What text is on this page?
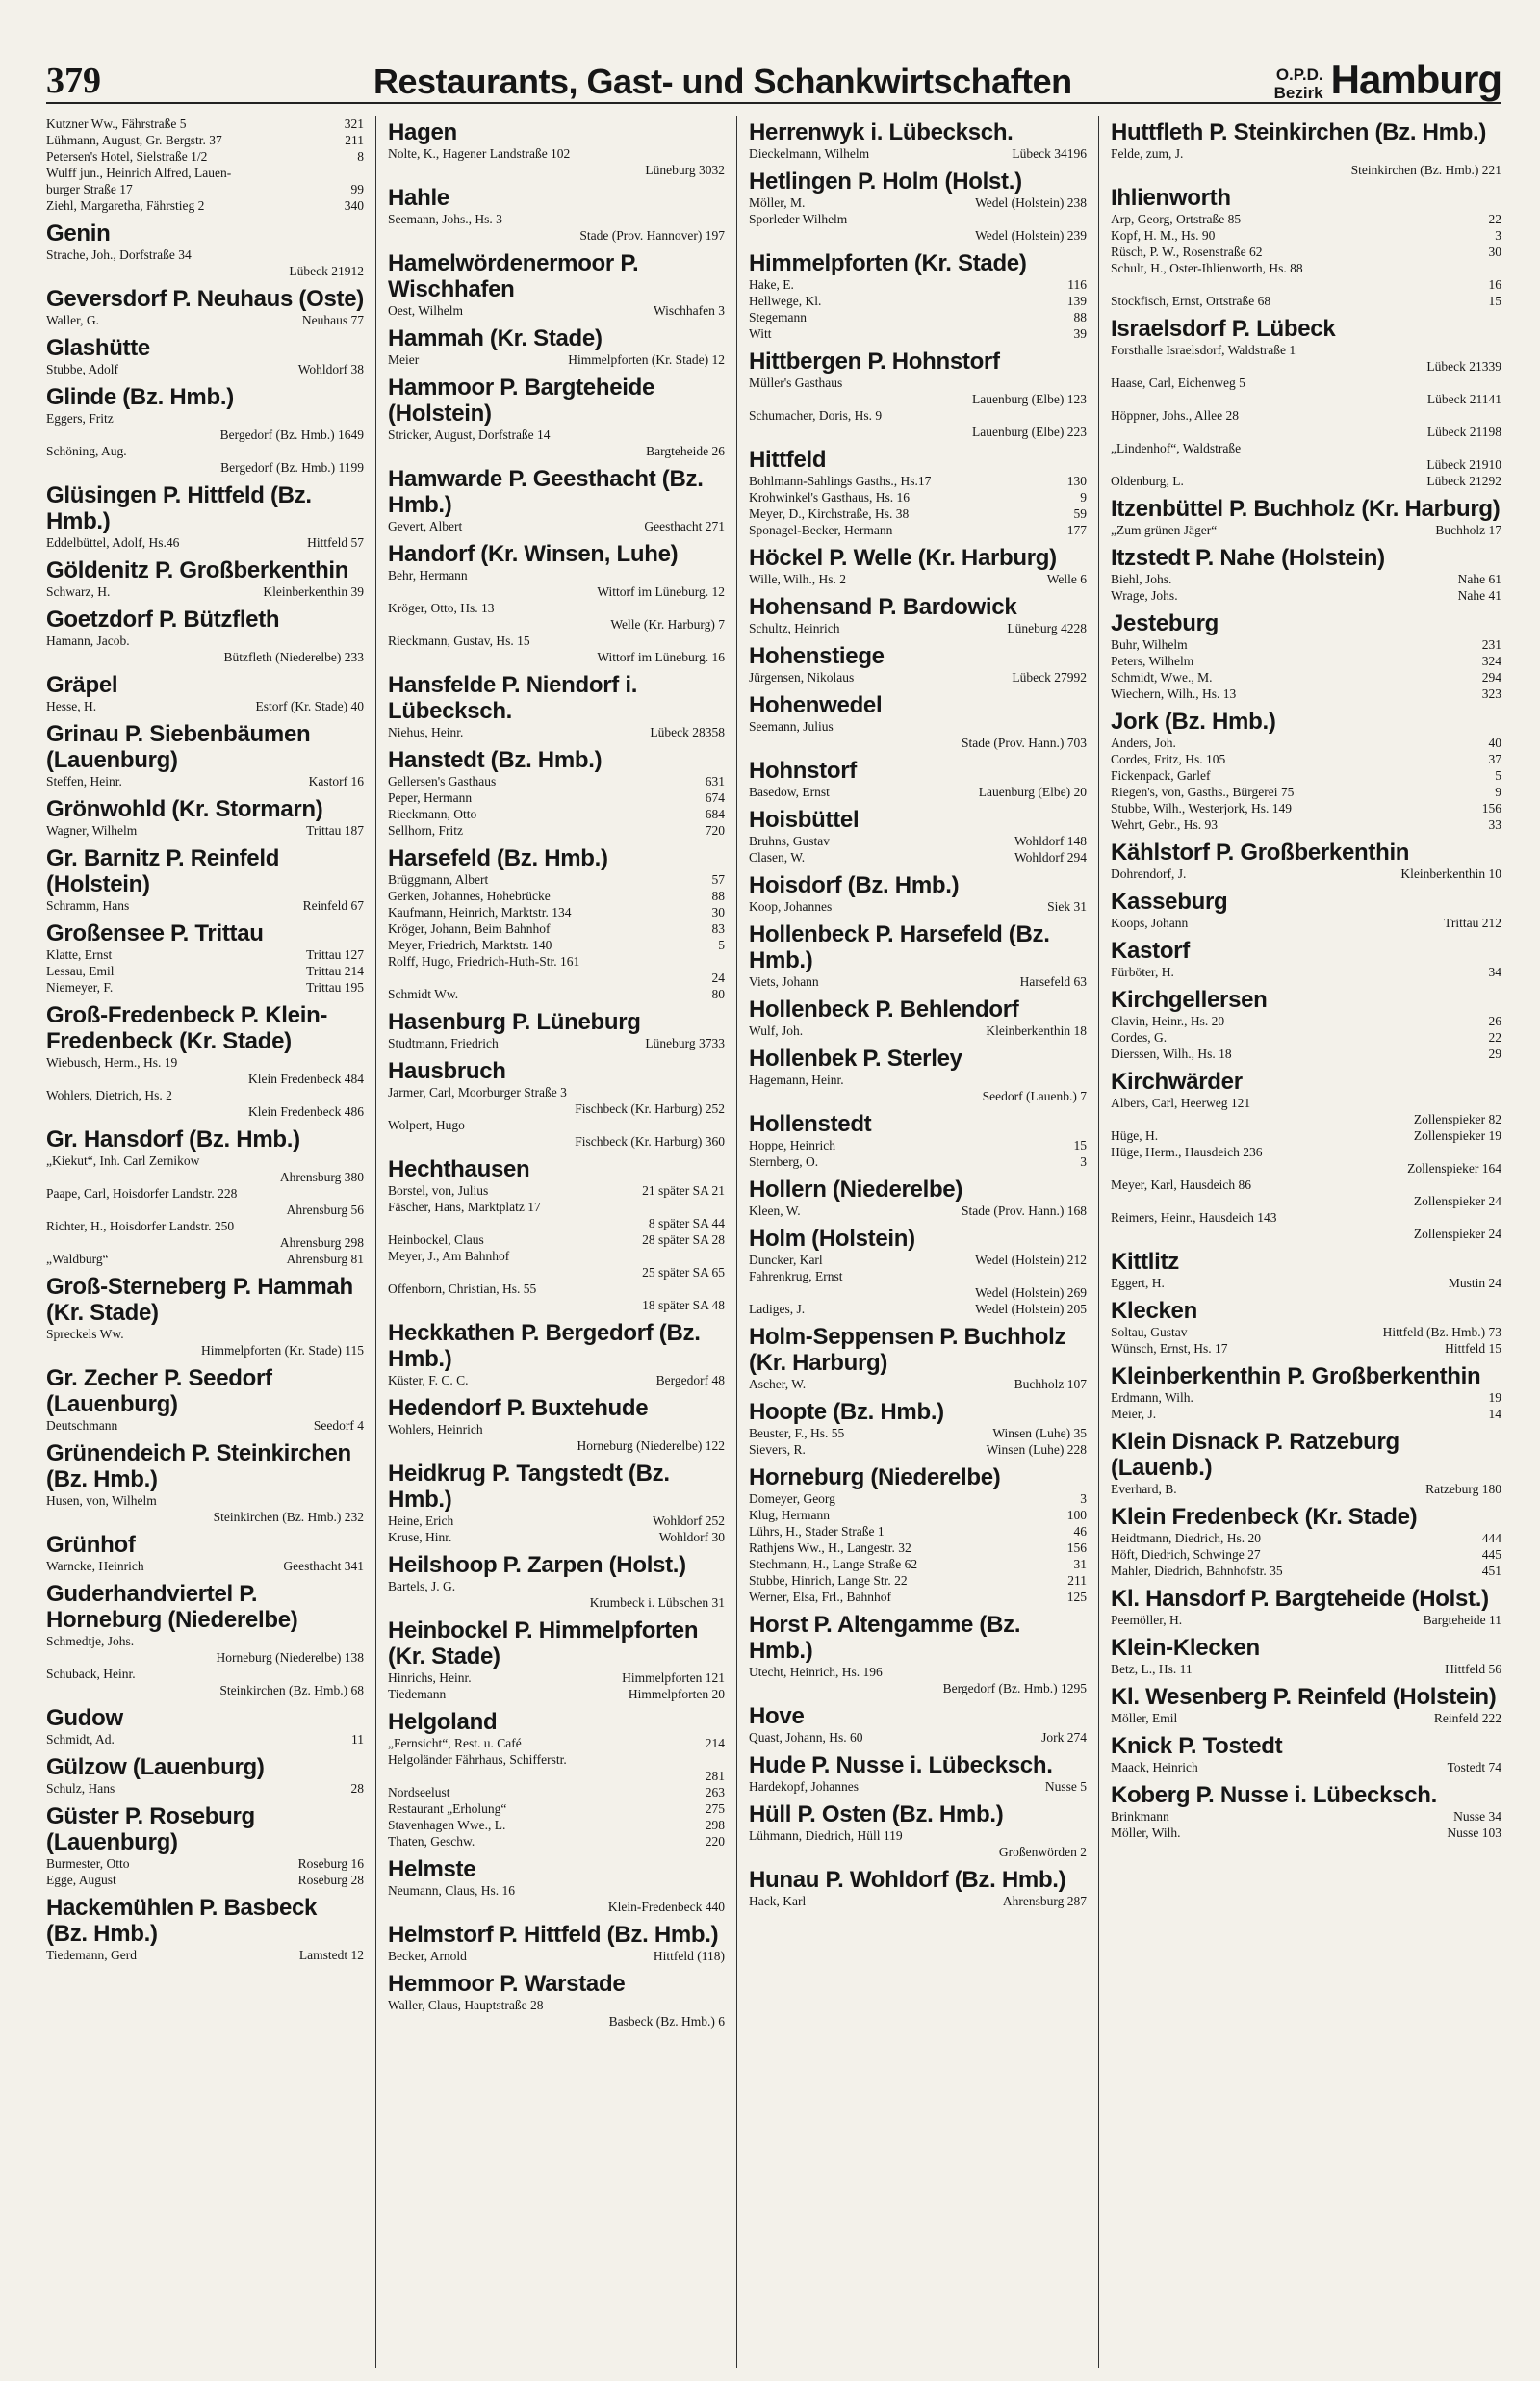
379	Restaurants, Gast- und Schankwirtschaften	O.P.D.
Bezirk Hamburg
Kutzner Ww., Fährstraße 5	321
Lühmann, August, Gr. Bergstr. 37	211
Petersen's Hotel, Sielstraße 1/2	8
Wulff jun., Heinrich Alfred, Lauen-
burger Straße 17	99
Ziehl, Margaretha, Fährstieg 2	340
Genin
Strache, Joh., Dorfstraße 34
Lübeck 21912
Geversdorf P. Neuhaus (Oste)
Waller, G.	Neuhaus 77
Glashütte
Stubbe, Adolf	Wohldorf 38
Glinde (Bz. Hmb.)
Eggers, Fritz
Bergedorf (Bz. Hmb.) 1649
Schöning, Aug.
Bergedorf (Bz. Hmb.) 1199
Glüsingen P. Hittfeld (Bz. Hmb.)
Eddelbüttel, Adolf, Hs.46	Hittfeld 57
Göldenitz P. Großberkenthin
Schwarz, H.	Kleinberkenthin 39
Goetzdorf P. Bützfleth
Hamann, Jacob.
Bützfleth (Niederelbe) 233
Gräpel
Hesse, H.	Estorf (Kr. Stade) 40
Grinau P. Siebenbäumen (Lauenburg)
Steffen, Heinr.	Kastorf 16
Grönwohld (Kr. Stormarn)
Wagner, Wilhelm	Trittau 187
Gr. Barnitz P. Reinfeld (Holstein)
Schramm, Hans	Reinfeld 67
Großensee P. Trittau
Klatte, Ernst	Trittau 127
Lessau, Emil	Trittau 214
Niemeyer, F.	Trittau 195
Groß-Fredenbeck P. Klein-Fredenbeck (Kr. Stade)
Wiebusch, Herm., Hs. 19
Klein Fredenbeck 484
Wohlers, Dietrich, Hs. 2
Klein Fredenbeck 486
Gr. Hansdorf (Bz. Hmb.)
„Kiekut“, Inh. Carl Zernikow
Ahrensburg 380
Paape, Carl, Hoisdorfer Landstr. 228
Ahrensburg 56
Richter, H., Hoisdorfer Landstr. 250
Ahrensburg 298
„Waldburg“	Ahrensburg 81
Groß-Sterneberg P. Hammah (Kr. Stade)
Spreckels Ww.
Himmelpforten (Kr. Stade) 115
Gr. Zecher P. Seedorf (Lauenburg)
Deutschmann	Seedorf 4
Grünendeich P. Steinkirchen (Bz. Hmb.)
Husen, von, Wilhelm
Steinkirchen (Bz. Hmb.) 232
Grünhof
Warncke, Heinrich	Geesthacht 341
Guderhandviertel P. Horneburg (Niederelbe)
Schmedtje, Johs.
Horneburg (Niederelbe) 138
Schuback, Heinr.
Steinkirchen (Bz. Hmb.) 68
Gudow
Schmidt, Ad.	11
Gülzow (Lauenburg)
Schulz, Hans	28
Güster P. Roseburg (Lauenburg)
Burmester, Otto	Roseburg 16
Egge, August	Roseburg 28
Hackemühlen P. Basbeck (Bz. Hmb.)
Tiedemann, Gerd	Lamstedt 12
Hagen
Nolte, K., Hagener Landstraße 102
Lüneburg 3032
Hahle
Seemann, Johs., Hs. 3
Stade (Prov. Hannover) 197
Hamelwördenermoor P. Wischhafen
Oest, Wilhelm	Wischhafen 3
Hammah (Kr. Stade)
Meier	Himmelpforten (Kr. Stade) 12
Hammoor P. Bargteheide (Holstein)
Stricker, August, Dorfstraße 14
Bargteheide 26
Hamwarde P. Geesthacht (Bz. Hmb.)
Gevert, Albert	Geesthacht 271
Handorf (Kr. Winsen, Luhe)
Behr, Hermann
Wittorf im Lüneburg. 12
Kröger, Otto, Hs. 13
Welle (Kr. Harburg) 7
Rieckmann, Gustav, Hs. 15
Wittorf im Lüneburg. 16
Hansfelde P. Niendorf i. Lübecksch.
Niehus, Heinr.	Lübeck 28358
Hanstedt (Bz. Hmb.)
Gellersen's Gasthaus	631
Peper, Hermann	674
Rieckmann, Otto	684
Sellhorn, Fritz	720
Harsefeld (Bz. Hmb.)
Brüggmann, Albert	57
Gerken, Johannes, Hohebrücke	88
Kaufmann, Heinrich, Marktstr. 134	30
Kröger, Johann, Beim Bahnhof	83
Meyer, Friedrich, Marktstr. 140	5
Rolff, Hugo, Friedrich-Huth-Str. 161
24
Schmidt Ww.	80
Hasenburg P. Lüneburg
Studtmann, Friedrich	Lüneburg 3733
Hausbruch
Jarmer, Carl, Moorburger Straße 3
Fischbeck (Kr. Harburg) 252
Wolpert, Hugo
Fischbeck (Kr. Harburg) 360
Hechthausen
Borstel, von, Julius	21 später SA 21
Fäscher, Hans, Marktplatz 17
8 später SA 44
Heinbockel, Claus	28 später SA 28
Meyer, J., Am Bahnhof
25 später SA 65
Offenborn, Christian, Hs. 55
18 später SA 48
Heckkathen P. Bergedorf (Bz. Hmb.)
Küster, F. C. C.	Bergedorf 48
Hedendorf P. Buxtehude
Wohlers, Heinrich
Horneburg (Niederelbe) 122
Heidkrug P. Tangstedt (Bz. Hmb.)
Heine, Erich	Wohldorf 252
Kruse, Hinr.	Wohldorf 30
Heilshoop P. Zarpen (Holst.)
Bartels, J. G.
Krumbeck i. Lübschen 31
Heinbockel P. Himmelpforten (Kr. Stade)
Hinrichs, Heinr.	Himmelpforten 121
Tiedemann	Himmelpforten 20
Helgoland
„Fernsicht“, Rest. u. Café	214
Helgoländer Fährhaus, Schifferstr.
281
Nordseelust	263
Restaurant „Erholung“	275
Stavenhagen Wwe., L.	298
Thaten, Geschw.	220
Helmste
Neumann, Claus, Hs. 16
Klein-Fredenbeck 440
Helmstorf P. Hittfeld (Bz. Hmb.)
Becker, Arnold	Hittfeld (118)
Hemmoor P. Warstade
Waller, Claus, Hauptstraße 28
Basbeck (Bz. Hmb.) 6
Herrenwyk i. Lübecksch.
Dieckelmann, Wilhelm	Lübeck 34196
Hetlingen P. Holm (Holst.)
Möller, M.	Wedel (Holstein) 238
Sporleder Wilhelm
Wedel (Holstein) 239
Himmelpforten (Kr. Stade)
Hake, E.	116
Hellwege, Kl.	139
Stegemann	88
Witt	39
Hittbergen P. Hohnstorf
Müller's Gasthaus
Lauenburg (Elbe) 123
Schumacher, Doris, Hs. 9
Lauenburg (Elbe) 223
Hittfeld
Bohlmann-Sahlings Gasths., Hs.17	130
Krohwinkel's Gasthaus, Hs. 16	9
Meyer, D., Kirchstraße, Hs. 38	59
Sponagel-Becker, Hermann	177
Höckel P. Welle (Kr. Harburg)
Wille, Wilh., Hs. 2	Welle 6
Hohensand P. Bardowick
Schultz, Heinrich	Lüneburg 4228
Hohenstiege
Jürgensen, Nikolaus	Lübeck 27992
Hohenwedel
Seemann, Julius
Stade (Prov. Hann.) 703
Hohnstorf
Basedow, Ernst	Lauenburg (Elbe) 20
Hoisbüttel
Bruhns, Gustav	Wohldorf 148
Clasen, W.	Wohldorf 294
Hoisdorf (Bz. Hmb.)
Koop, Johannes	Siek 31
Hollenbeck P. Harsefeld (Bz. Hmb.)
Viets, Johann	Harsefeld 63
Hollenbeck P. Behlendorf
Wulf, Joh.	Kleinberkenthin 18
Hollenbek P. Sterley
Hagemann, Heinr.
Seedorf (Lauenb.) 7
Hollenstedt
Hoppe, Heinrich	15
Sternberg, O.	3
Hollern (Niederelbe)
Kleen, W.	Stade (Prov. Hann.) 168
Holm (Holstein)
Duncker, Karl	Wedel (Holstein) 212
Fahrenkrug, Ernst
Wedel (Holstein) 269
Ladiges, J.	Wedel (Holstein) 205
Holm-Seppensen P. Buchholz (Kr. Harburg)
Ascher, W.	Buchholz 107
Hoopte (Bz. Hmb.)
Beuster, F., Hs. 55	Winsen (Luhe) 35
Sievers, R.	Winsen (Luhe) 228
Horneburg (Niederelbe)
Domeyer, Georg	3
Klug, Hermann	100
Lührs, H., Stader Straße 1	46
Rathjens Ww., H., Langestr. 32	156
Stechmann, H., Lange Straße 62	31
Stubbe, Hinrich, Lange Str. 22	211
Werner, Elsa, Frl., Bahnhof	125
Horst P. Altengamme (Bz. Hmb.)
Utecht, Heinrich, Hs. 196
Bergedorf (Bz. Hmb.) 1295
Hove
Quast, Johann, Hs. 60	Jork 274
Hude P. Nusse i. Lübecksch.
Hardekopf, Johannes	Nusse 5
Hüll P. Osten (Bz. Hmb.)
Lühmann, Diedrich, Hüll 119
Großenwörden 2
Hunau P. Wohldorf (Bz. Hmb.)
Hack, Karl	Ahrensburg 287
Huttfleth P. Steinkirchen (Bz. Hmb.)
Felde, zum, J.
Steinkirchen (Bz. Hmb.) 221
Ihlienworth
Arp, Georg, Ortstraße 85	22
Kopf, H. M., Hs. 90	3
Rüsch, P. W., Rosenstraße 62	30
Schult, H., Oster-Ihlienworth, Hs. 88
16
Stockfisch, Ernst, Ortstraße 68	15
Israelsdorf P. Lübeck
Forsthalle Israelsdorf, Waldstraße 1
Lübeck 21339
Haase, Carl, Eichenweg 5
Lübeck 21141
Höppner, Johs., Allee 28
Lübeck 21198
„Lindenhof“, Waldstraße
Lübeck 21910
Oldenburg, L.	Lübeck 21292
Itzenbüttel P. Buchholz (Kr. Harburg)
„Zum grünen Jäger“	Buchholz 17
Itzstedt P. Nahe (Holstein)
Biehl, Johs.	Nahe 61
Wrage, Johs.	Nahe 41
Jesteburg
Buhr, Wilhelm	231
Peters, Wilhelm	324
Schmidt, Wwe., M.	294
Wiechern, Wilh., Hs. 13	323
Jork (Bz. Hmb.)
Anders, Joh.	40
Cordes, Fritz, Hs. 105	37
Fickenpack, Garlef	5
Riegen's, von, Gasths., Bürgerei 75	9
Stubbe, Wilh., Westerjork, Hs. 149	156
Wehrt, Gebr., Hs. 93	33
Kählstorf P. Großberkenthin
Dohrendorf, J.	Kleinberkenthin 10
Kasseburg
Koops, Johann	Trittau 212
Kastorf
Fürböter, H.	34
Kirchgellersen
Clavin, Heinr., Hs. 20	26
Cordes, G.	22
Dierssen, Wilh., Hs. 18	29
Kirchwärder
Albers, Carl, Heerweg 121
Zollenspieker 82
Hüge, H.	Zollenspieker 19
Hüge, Herm., Hausdeich 236
Zollenspieker 164
Meyer, Karl, Hausdeich 86
Zollenspieker 24
Reimers, Heinr., Hausdeich 143
Zollenspieker 24
Kittlitz
Eggert, H.	Mustin 24
Klecken
Soltau, Gustav	Hittfeld (Bz. Hmb.) 73
Wünsch, Ernst, Hs. 17	Hittfeld 15
Kleinberkenthin P. Großberkenthin
Erdmann, Wilh.	19
Meier, J.	14
Klein Disnack P. Ratzeburg (Lauenb.)
Everhard, B.	Ratzeburg 180
Klein Fredenbeck (Kr. Stade)
Heidtmann, Diedrich, Hs. 20	444
Höft, Diedrich, Schwinge 27	445
Mahler, Diedrich, Bahnhofstr. 35	451
Kl. Hansdorf P. Bargteheide (Holst.)
Peemöller, H.	Bargteheide 11
Klein-Klecken
Betz, L., Hs. 11	Hittfeld 56
Kl. Wesenberg P. Reinfeld (Holstein)
Möller, Emil	Reinfeld 222
Knick P. Tostedt
Maack, Heinrich	Tostedt 74
Koberg P. Nusse i. Lübecksch.
Brinkmann	Nusse 34
Möller, Wilh.	Nusse 103
